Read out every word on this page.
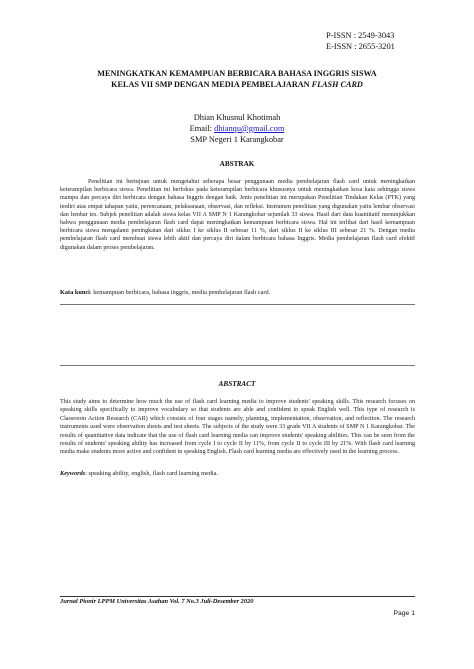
P-ISSN : 2549-3043
E-ISSN : 2655-3201
MENINGKATKAN KEMAMPUAN BERBICARA BAHASA INGGRIS SISWA
KELAS VII SMP DENGAN MEDIA PEMBELAJARAN FLASH CARD
Dhian Khusnul Khotimah
Email: dhianqu@gmail.com
SMP Negeri 1 Karangkobar
ABSTRAK
Penelitian ini bertujuan untuk mengetahui seberapa besar penggunaan media pembelajaran flash card untuk meningkatkan keterampilan berbicara siswa. Penelitian ini berfokus pada keterampilan berbicara khususnya untuk meningkatkan kosa kata sehingga siswa mampu dan percaya diri berbicara dengan bahasa Inggris dengan baik. Jenis penelitian ini merupakan Penelitian Tindakan Kelas (PTK) yang terdiri atas empat tahapan yaitu, perencanaan, pelaksanaan, observasi, dan refleksi. Instrumen penelitian yang digunakan yaitu lembar observasi dan lembar tes. Subjek penelitian adalah siswa kelas VII A SMP N 1 Karangkobar sejumlah 33 siswa. Hasil dari data kuantitatif menunjukkan bahwa penggunaan media pembelajaran flash card dapat meningkatkan kemampuan berbicara siswa. Hal ini terlihat dari hasil kemampuan berbicara siswa mengalami peningkatan dari siklus I ke siklus II sebesar 11 %, dari siklus II ke siklus III sebesar 21 %. Dengan media pembelajaran flash card membuat siswa lebih aktif dan percaya diri dalam berbicara bahasa Inggris. Media pembelajaran flash card efektif digunakan dalam proses pembelajaran.
Kata kunci: kemampuan berbicara, bahasa inggris, media pembelajaran flash card.
ABSTRACT
This study aims to determine how much the use of flash card learning media to improve students' speaking skills. This research focuses on speaking skills specifically to improve vocabulary so that students are able and confident to speak English well. This type of research is Classroom Action Research (CAR) which consists of four stages namely, planning, implementation, observation, and reflection. The research instruments used were observation sheets and test sheets. The subjects of the study were 33 grade VII A students of SMP N 1 Karangkobar. The results of quantitative data indicate that the use of flash card learning media can improve students' speaking abilities. This can be seen from the results of students' speaking ability has increased from cycle I to cycle II by 11%, from cycle II to cycle III by 21%. With flash card learning media make students more active and confident in speaking English. Flash card learning media are effectively used in the learning process.
Keywords: speaking ability, english, flash card learning media.
Jurnal Pionir LPPM Universitas Asahan Vol. 7 No.3 Juli-Desember 2020
Page 1
